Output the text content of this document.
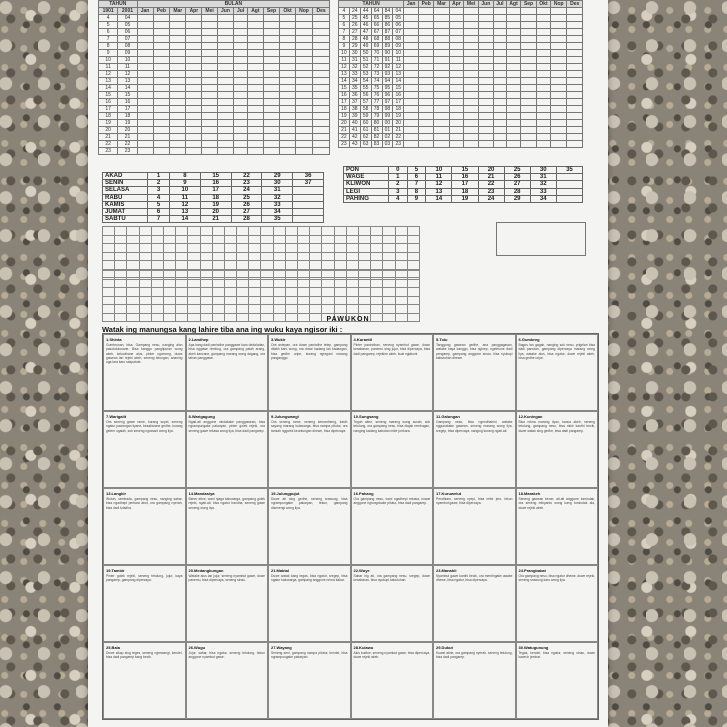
TAHUN		BULAN											
1901	2001	Jan	Peb	Mar	Apr	Mei	Jun	Jul	Agt	Sep	Okt	Nop	Des
4	04												
5	05												
6	06												
7	07												
8	08												
9	09												
10	10												
11	11												
12	12												
13	13												
14	14												
15	15												
16	16												
17	17												
18	18												
19	19												
20	20												
21	21												
22	22												
23	23												
TAHUN						Jan	Peb	Mar	Apr	Mei	Jun	Jul	Agt	Sep	Okt	Nop	Des
4	24	44	64	84	04												
5	25	45	65	85	05												
6	26	46	66	86	06												
7	27	47	67	87	07												
8	28	48	68	88	08												
9	29	49	69	89	09												
10	30	50	70	90	10												
11	31	51	71	91	11												
12	32	52	72	92	12												
13	33	53	73	93	13												
14	34	54	74	94	14												
15	35	55	75	95	15												
16	36	56	76	96	16												
17	37	57	77	97	17												
18	38	58	78	98	18												
19	39	59	79	99	19												
20	40	60	80	00	20												
21	41	61	81	01	21												
22	42	62	82	02	22												
23	43	63	83	03	23												
AKAD	1	8	15	22	29	36
SENIN	2	9	16	23	30	37
SELASA	3	10	17	24	31	
RABU	4	11	18	25	32	
KAMIS	5	12	19	26	33	
JUMAT	6	13	20	27	34	
SABTU	7	14	21	28	35	
PON	0	5	10	15	20	25	30	35
WAGE	1	6	11	16	21	26	31	
KLIWON	2	7	12	17	22	27	32	
LEGI	3	8	13	18	23	28	33	
PAHING	4	9	14	19	24	29	34	

PAWUKON
Watak ing manungsa kang lahire tiba ana ing wuku kaya ngisor iki :
1.Shinta
Gumbrunan, bisa. Gampang nesu, nanging alon pasokdulunane. Bisa kanggo panglipuran wong akeh, keluwihane alus, pinter ngomong, duwe gawean lan rejeki akeh, seneng lelungan, ananing uga lara karo sakpatute.
2.Landhep
Apa kang dadi panindhe panggawe karo dedaludan, bisa nggawe rembug, ora gampang patah arang, akeh kancane, gampang marang wong dagang, ora tahan panggawe.
3.Wukir
Ora antepan, ora duwe panindhe tetep, gampang dilatih karo wong, ora duwe kadang lan kadangan, bisa gedhe uripe, kurang ngregani marang panganggo.
4.Kurantil
Pinter panindhan, seneng nyambut gawe, duwe kesabaran, panemu sing jujur, bisa dipercaya, bisa dadi pangarep, rejekine akeh, kuat nglakoni.
5.Tolu
Tanggung gawean gedhe, ana panggagasan, watake kaya kanggo, bisa nginep, ngelmune dadi pengarep, gampang anggone sinau, bisa nyukupi kabutuhan dhewe.
6.Gumbreg
Bagus lan gagah, nanging sok nesu, prigelan bisa dadi panutan, gampang dipercaya marang wong liya, watake alus, bisa ngatur, duwe rejeki akeh, bisa gedhe uripe.
7.Warigalit
Ora seneng gawe rame, kurang supel, seneng ngatur pawongan liyane, kesabarane gedhe, kurang gelem ngalah, sok seneng ngrasani wong liya.
8.Warigagung
Ngati-ati anggone nindakake panggawean, bisa ngrampungake pakaryan, pinter golek rejeki, ora seneng gawe rekasa wong liya, bisa dadi pangarep.
9.Julungwangi
Ora seneng rame, seneng kemantheng, kasih sayang marang kulawarga, bisa nampa pitutur, ora tansah nggolek keuntungan dhewe, bisa dipercaya.
10.Sungsang
Teguh atine, seneng marang wong susah, sok tetulung, ora gampang nesu, bisa diajak rembugan, nanging kadang kabotan mikir perkara.
11.Galungan
Gampang nesu, bisa ngendhaleni, watake nggunakake gawean, seneng marang wong liya, sregep, bisa dipercaya, nanging kurang ngati-ati.
12.Kuningan
Bisa nrima marang liyan, kanca akeh, seneng tetulung, gampang nesu, bisa mikir kanthi becik, duwe watak sing gedhe, bisa dadi pangarep.
13.Langkir
Wutuh, sembada, gampang nesu, nanging sabar, bisa ngadhepi perkara abot, ora gampang nyerah, bisa dadi tuladha.
14.Mandasiya
Bener atine, wani njaga kaluwarga, gampang golek rejeki, ngati-ati, bisa ngatur bandha, seneng gawe seneng wong liya.
15.Julungpujut
Duwe ati sing gedhe, seneng srawung, bisa ngrampungake pakaryan, tekun, gampang disenengi wong liya.
16.Pahang
Ora gampang nesu, wani ngadhepi rekasa, kuwat anggone ngrungokake pitutur, bisa dadi pangarep.
17.Kuruwelut
Pendhiam, seneng nyepi, bisa mikir jero, tekun nyambut gawe, bisa dipercaya.
18.Marakeh
Seneng gawean bener, ati-ati anggone tumindak, ora seneng mbiyantu wong kang tumindak ala, duwe rejeki akeh.
19.Tambir
Pinter golek rejeki, seneng tetulung, jujur, kaya pangarep, gampang dipercaya.
20.Medangkungan
Watake alus lan jujur, seneng nyambut gawe, duwe panemu, bisa dipercaya, seneng sinau.
21.Maktal
Duwe watak kang tegas, bisa ngatur, sregep, bisa ngatur kaluwarga, gampang anggone nrima kabar.
22.Wuye
Sabar ing ati, ora gampang nesu, sregep, duwe kesabaran, bisa nyukupi kabutuhan.
23.Manahil
Nyambut gawe kanthi becik, ora mentingake awake dhewe, bisa ngatur, bisa dipercaya.
24.Prangbakat
Ora gampang nesu, bisa ngatur dhewe, duwe rejeki, seneng srawung karo wong liya.
25.Bala
Duwe sikap sing teges, seneng ngrewangi, kendel, bisa dadi pangarep kang becik.
26.Wugu
Jujur, sabar, bisa ngatur, seneng tetulung, tekun anggone nyambut gawe.
27.Wayang
Seneng seni, gampang nampa pitutur, kendel, bisa ngrampungake pakaryan.
28.Kulawu
Alus budine, seneng nyambut gawe, bisa dipercaya, duwe rejeki akeh.
29.Dukut
Kuwat atine, ora gampang nyerah, seneng tetulung, bisa dadi pangarep.
30.Watugunung
Tegas, kendel, bisa ngatur, seneng sinau, duwe kawruh jembar.
